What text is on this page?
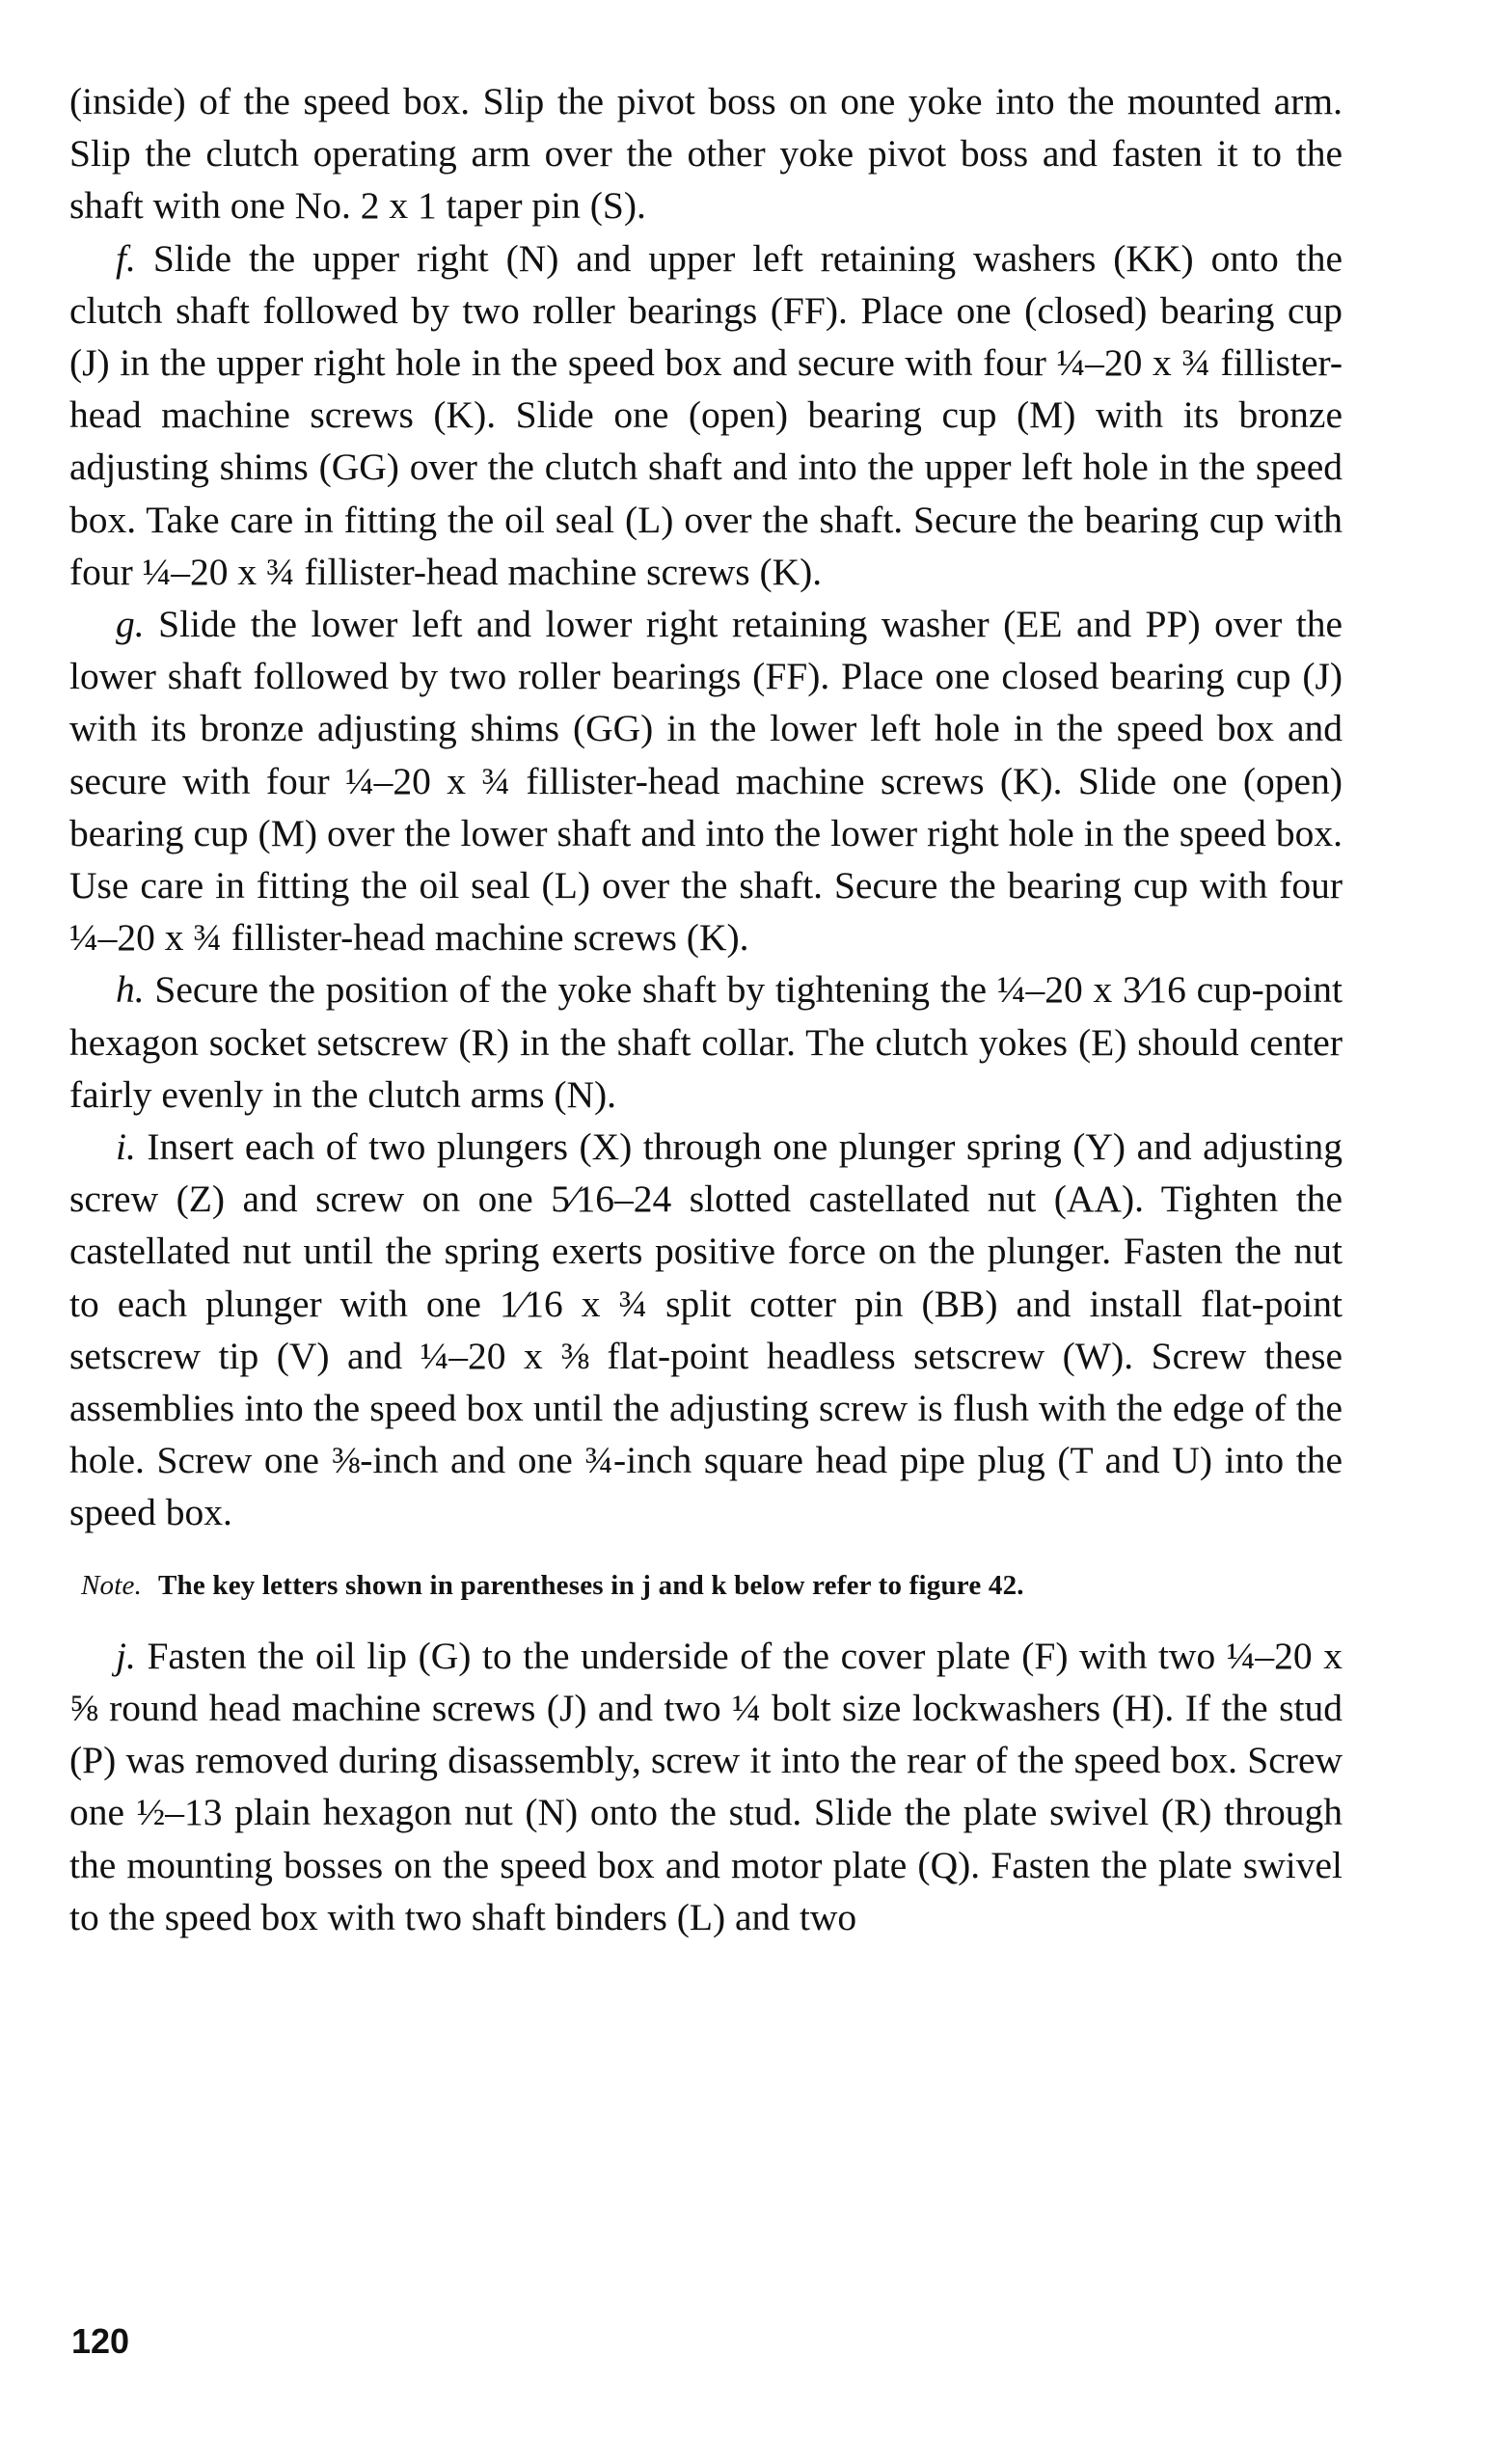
(inside) of the speed box. Slip the pivot boss on one yoke into the mounted arm. Slip the clutch operating arm over the other yoke pivot boss and fasten it to the shaft with one No. 2 x 1 taper pin (S).

f. Slide the upper right (N) and upper left retaining washers (KK) onto the clutch shaft followed by two roller bearings (FF). Place one (closed) bearing cup (J) in the upper right hole in the speed box and secure with four ¼–20 x ¾ fillister-head machine screws (K). Slide one (open) bearing cup (M) with its bronze adjusting shims (GG) over the clutch shaft and into the upper left hole in the speed box. Take care in fitting the oil seal (L) over the shaft. Secure the bearing cup with four ¼–20 x ¾ fillister-head machine screws (K).

g. Slide the lower left and lower right retaining washer (EE and PP) over the lower shaft followed by two roller bearings (FF). Place one closed bearing cup (J) with its bronze adjusting shims (GG) in the lower left hole in the speed box and secure with four ¼–20 x ¾ fillister-head machine screws (K). Slide one (open) bearing cup (M) over the lower shaft and into the lower right hole in the speed box. Use care in fitting the oil seal (L) over the shaft. Secure the bearing cup with four ¼–20 x ¾ fillister-head machine screws (K).

h. Secure the position of the yoke shaft by tightening the ¼–20 x 3⁄16 cup-point hexagon socket setscrew (R) in the shaft collar. The clutch yokes (E) should center fairly evenly in the clutch arms (N).

i. Insert each of two plungers (X) through one plunger spring (Y) and adjusting screw (Z) and screw on one 5⁄16–24 slotted castellated nut (AA). Tighten the castellated nut until the spring exerts positive force on the plunger. Fasten the nut to each plunger with one 1⁄16 x ¾ split cotter pin (BB) and install flat-point setscrew tip (V) and ¼–20 x ⅜ flat-point headless setscrew (W). Screw these assemblies into the speed box until the adjusting screw is flush with the edge of the hole. Screw one ⅜-inch and one ¾-inch square head pipe plug (T and U) into the speed box.

Note. The key letters shown in parentheses in j and k below refer to figure 42.

j. Fasten the oil lip (G) to the underside of the cover plate (F) with two ¼–20 x ⅝ round head machine screws (J) and two ¼ bolt size lockwashers (H). If the stud (P) was removed during disassembly, screw it into the rear of the speed box. Screw one ½–13 plain hexagon nut (N) onto the stud. Slide the plate swivel (R) through the mounting bosses on the speed box and motor plate (Q). Fasten the plate swivel to the speed box with two shaft binders (L) and two

120
